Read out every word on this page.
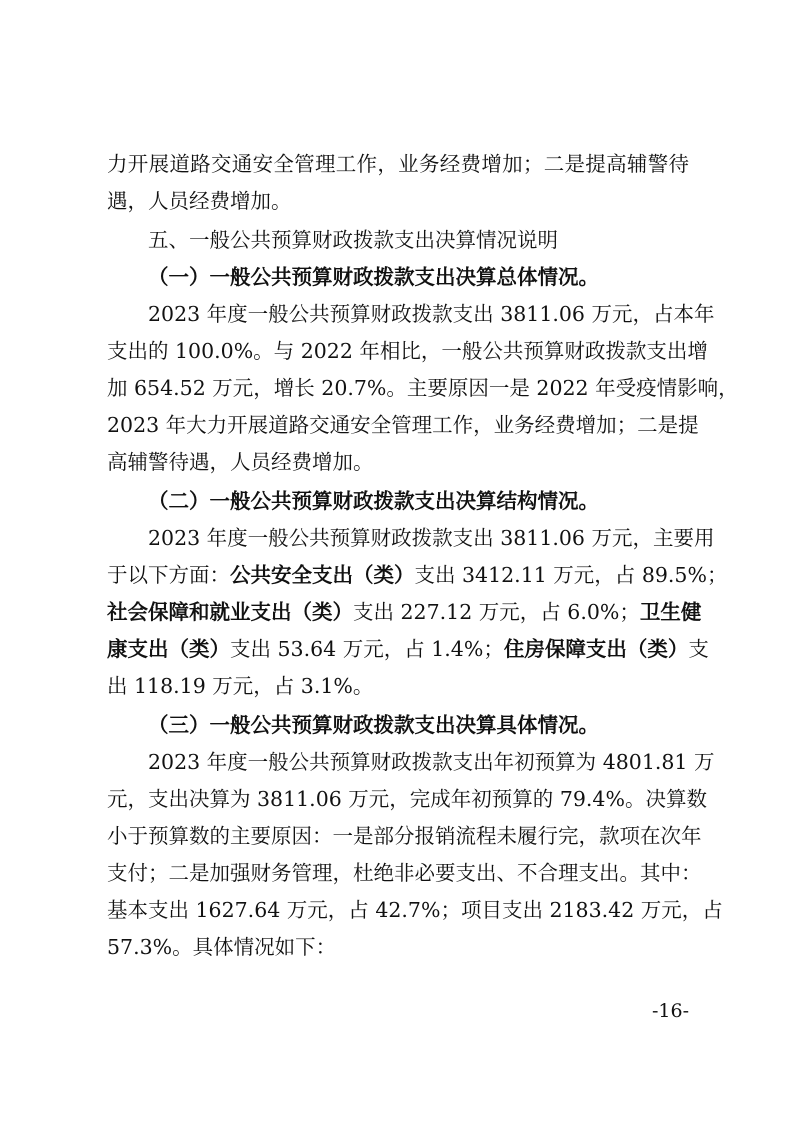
力开展道路交通安全管理工作，业务经费增加；二是提高辅警待
遇，人员经费增加。
五、一般公共预算财政拨款支出决算情况说明
（一）一般公共预算财政拨款支出决算总体情况。
2023 年度一般公共预算财政拨款支出 3811.06 万元，占本年
支出的 100.0%。与 2022 年相比，一般公共预算财政拨款支出增
加 654.52 万元，增长 20.7%。主要原因一是 2022 年受疫情影响，
2023 年大力开展道路交通安全管理工作，业务经费增加；二是提
高辅警待遇，人员经费增加。
（二）一般公共预算财政拨款支出决算结构情况。
2023 年度一般公共预算财政拨款支出 3811.06 万元，主要用
于以下方面：公共安全支出（类）支出 3412.11 万元，占 89.5%；
社会保障和就业支出（类）支出 227.12 万元，占 6.0%；卫生健
康支出（类）支出 53.64 万元，占 1.4%；住房保障支出（类）支
出 118.19 万元，占 3.1%。
（三）一般公共预算财政拨款支出决算具体情况。
2023 年度一般公共预算财政拨款支出年初预算为 4801.81 万
元，支出决算为 3811.06 万元，完成年初预算的 79.4%。决算数
小于预算数的主要原因：一是部分报销流程未履行完，款项在次年
支付；二是加强财务管理，杜绝非必要支出、不合理支出。其中：
基本支出 1627.64 万元，占 42.7%；项目支出 2183.42 万元，占
57.3%。具体情况如下：
-16-
